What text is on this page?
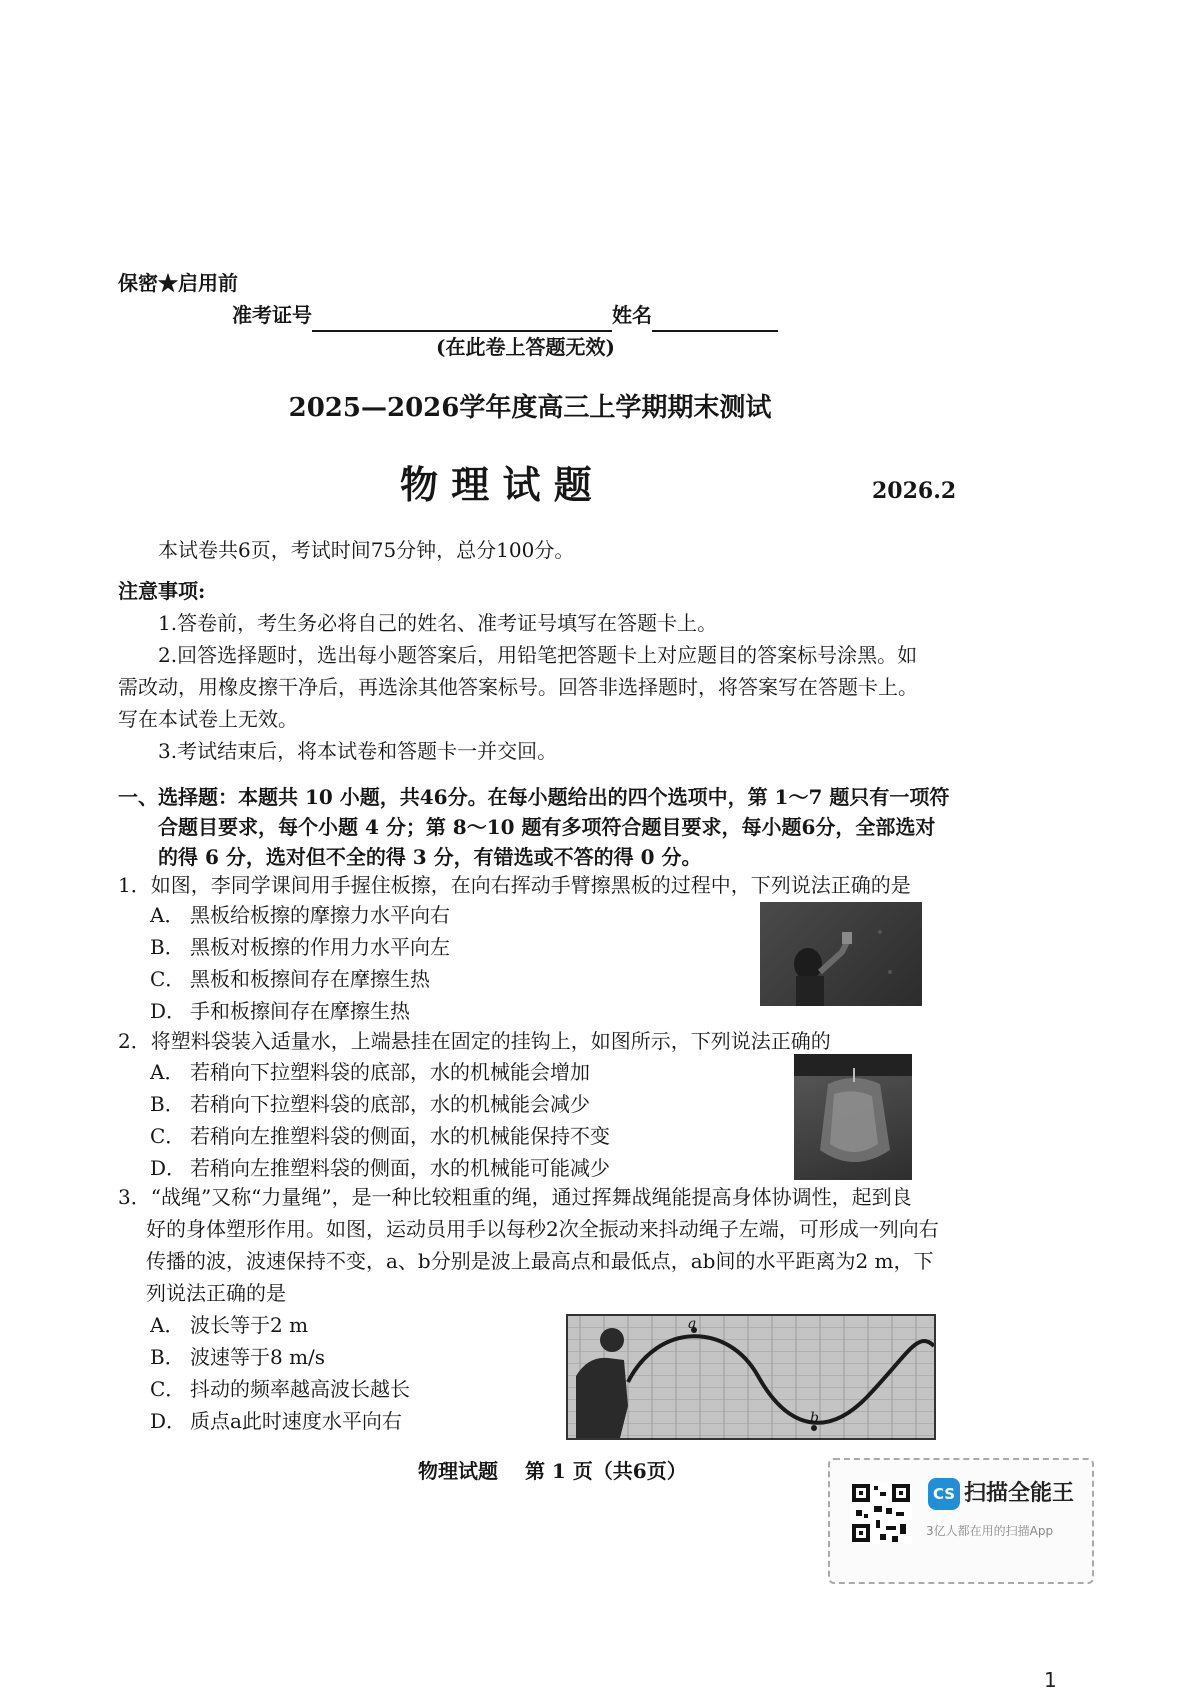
保密★启用前
准考证号	姓名
(在此卷上答题无效)
2025—2026学年度高三上学期期末测试
物 理 试 题	2026.2
本试卷共6页，考试时间75分钟，总分100分。
注意事项:
1.答卷前，考生务必将自己的姓名、准考证号填写在答题卡上。
2.回答选择题时，选出每小题答案后，用铅笔把答题卡上对应题目的答案标号涂黑。如
需改动，用橡皮擦干净后，再选涂其他答案标号。回答非选择题时，将答案写在答题卡上。
写在本试卷上无效。
3.考试结束后，将本试卷和答题卡一并交回。
一、选择题：本题共 10 小题，共46分。在每小题给出的四个选项中，第 1～7 题只有一项符
合题目要求，每个小题 4 分；第 8～10 题有多项符合题目要求，每小题6分，全部选对
的得 6 分，选对但不全的得 3 分，有错选或不答的得 0 分。
1．如图，李同学课间用手握住板擦，在向右挥动手臂擦黑板的过程中，下列说法正确的是
A． 黑板给板擦的摩擦力水平向右
B． 黑板对板擦的作用力水平向左
C． 黑板和板擦间存在摩擦生热
D． 手和板擦间存在摩擦生热
2．将塑料袋装入适量水，上端悬挂在固定的挂钩上，如图所示，下列说法正确的
A． 若稍向下拉塑料袋的底部，水的机械能会增加
B． 若稍向下拉塑料袋的底部，水的机械能会减少
C． 若稍向左推塑料袋的侧面，水的机械能保持不变
D． 若稍向左推塑料袋的侧面，水的机械能可能减少
3．“战绳”又称“力量绳”，是一种比较粗重的绳，通过挥舞战绳能提高身体协调性，起到良
好的身体塑形作用。如图，运动员用手以每秒2次全振动来抖动绳子左端，可形成一列向右
传播的波，波速保持不变，a、b分别是波上最高点和最低点，ab间的水平距离为2 m，下
列说法正确的是
A． 波长等于2 m
B． 波速等于8 m/s
C． 抖动的频率越高波长越长
D． 质点a此时速度水平向右
a
b
物理试题　 第 1 页（共6页）
CS 扫描全能王
3亿人都在用的扫描App
1
